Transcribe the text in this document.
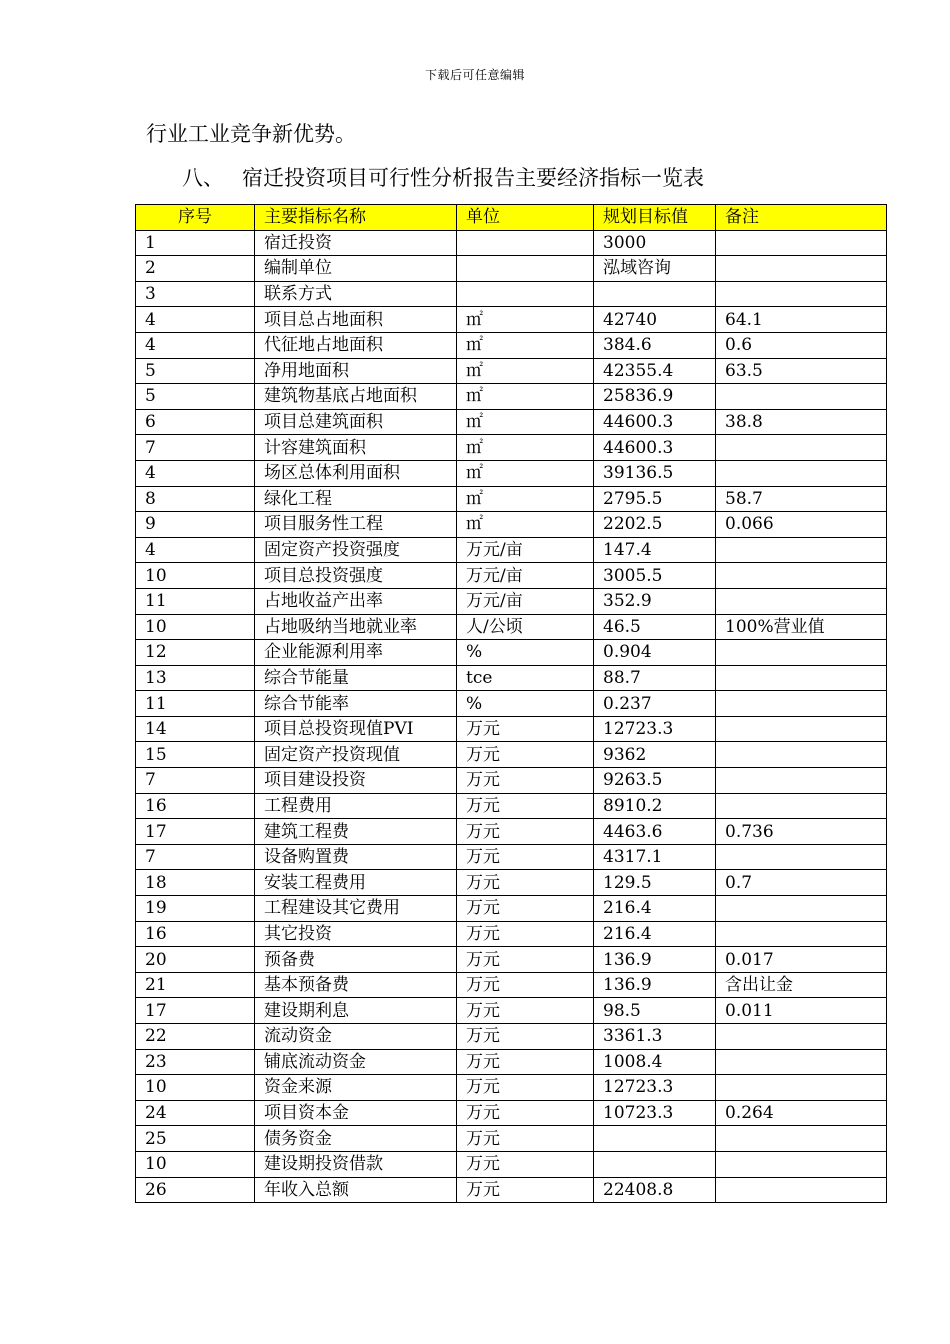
下载后可任意编辑
行业工业竞争新优势。
八、 宿迁投资项目可行性分析报告主要经济指标一览表
序号	主要指标名称	单位	规划目标值	备注
1	宿迁投资		3000	
2	编制单位		泓域咨询	
3	联系方式			
4	项目总占地面积	㎡	42740	64.1
4	代征地占地面积	㎡	384.6	0.6
5	净用地面积	㎡	42355.4	63.5
5	建筑物基底占地面积	㎡	25836.9	
6	项目总建筑面积	㎡	44600.3	38.8
7	计容建筑面积	㎡	44600.3	
4	场区总体利用面积	㎡	39136.5	
8	绿化工程	㎡	2795.5	58.7
9	项目服务性工程	㎡	2202.5	0.066
4	固定资产投资强度	万元/亩	147.4	
10	项目总投资强度	万元/亩	3005.5	
11	占地收益产出率	万元/亩	352.9	
10	占地吸纳当地就业率	人/公顷	46.5	100%营业值
12	企业能源利用率	%	0.904	
13	综合节能量	tce	88.7	
11	综合节能率	%	0.237	
14	项目总投资现值PVI	万元	12723.3	
15	固定资产投资现值	万元	9362	
7	项目建设投资	万元	9263.5	
16	工程费用	万元	8910.2	
17	建筑工程费	万元	4463.6	0.736
7	设备购置费	万元	4317.1	
18	安装工程费用	万元	129.5	0.7
19	工程建设其它费用	万元	216.4	
16	其它投资	万元	216.4	
20	预备费	万元	136.9	0.017
21	基本预备费	万元	136.9	含出让金
17	建设期利息	万元	98.5	0.011
22	流动资金	万元	3361.3	
23	铺底流动资金	万元	1008.4	
10	资金来源	万元	12723.3	
24	项目资本金	万元	10723.3	0.264
25	债务资金	万元		
10	建设期投资借款	万元		
26	年收入总额	万元	22408.8	
